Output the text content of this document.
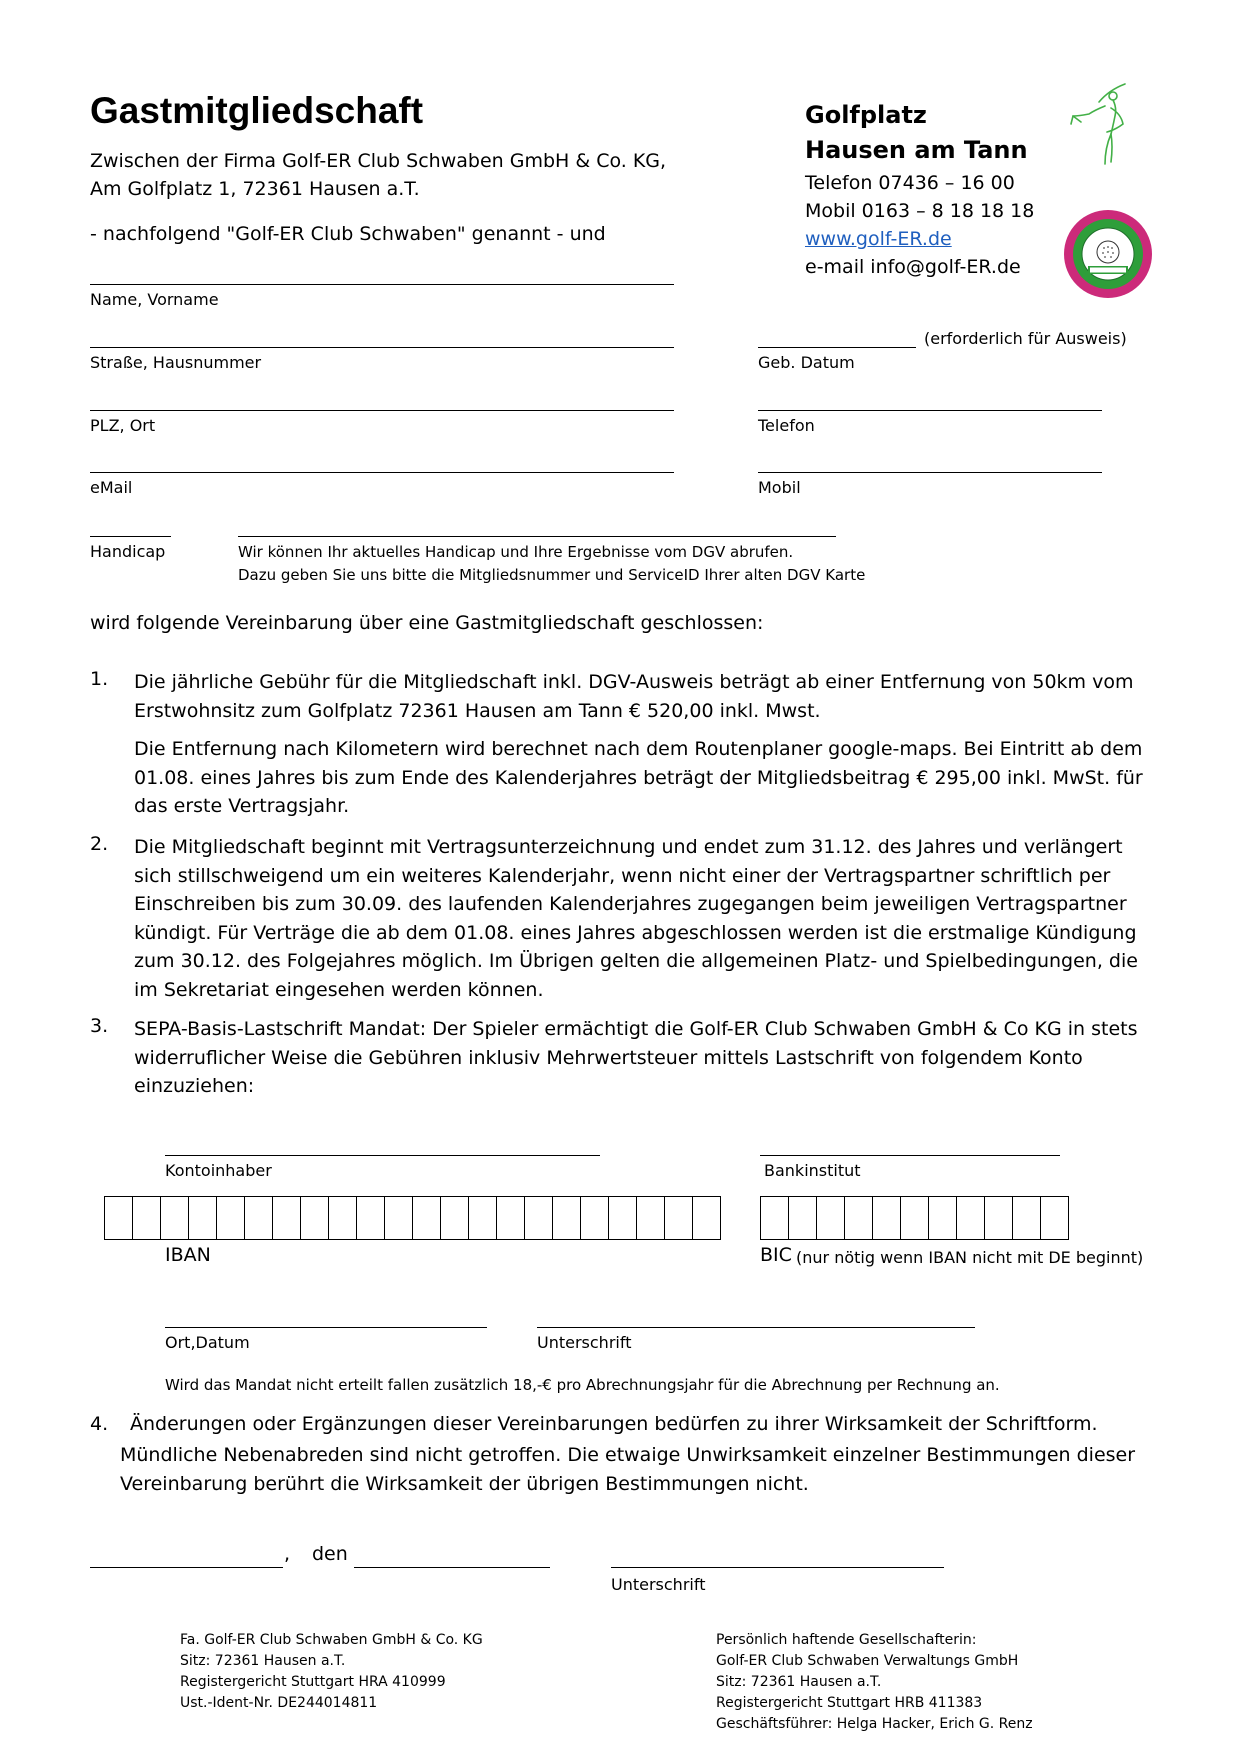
Gastmitgliedschaft
Zwischen der Firma Golf-ER Club Schwaben GmbH & Co. KG,
Am Golfplatz 1, 72361 Hausen a.T.
- nachfolgend "Golf-ER Club Schwaben" genannt - und
Golfplatz
Hausen am Tann
Telefon 07436 – 16 00
Mobil 0163 – 8 18 18 18
www.golf-ER.de
e-mail info@golf-ER.de
Name, Vorname
Straße, Hausnummer
PLZ, Ort
eMail
(erforderlich für Ausweis)
Geb. Datum
Telefon
Mobil
Handicap	Wir können Ihr aktuelles Handicap und Ihre Ergebnisse vom DGV abrufen.
Dazu geben Sie uns bitte die Mitgliedsnummer und ServiceID Ihrer alten DGV Karte
wird folgende Vereinbarung über eine Gastmitgliedschaft geschlossen:
1. Die jährliche Gebühr für die Mitgliedschaft inkl. DGV-Ausweis beträgt ab einer Entfernung von 50km vom Erstwohnsitz zum Golfplatz 72361 Hausen am Tann € 520,00 inkl. Mwst.
Die Entfernung nach Kilometern wird berechnet nach dem Routenplaner google-maps. Bei Eintritt ab dem 01.08. eines Jahres bis zum Ende des Kalenderjahres beträgt der Mitgliedsbeitrag € 295,00 inkl. MwSt. für das erste Vertragsjahr.
2. Die Mitgliedschaft beginnt mit Vertragsunterzeichnung und endet zum 31.12. des Jahres und verlängert sich stillschweigend um ein weiteres Kalenderjahr, wenn nicht einer der Vertragspartner schriftlich per Einschreiben bis zum 30.09. des laufenden Kalenderjahres zugegangen beim jeweiligen Vertragspartner kündigt. Für Verträge die ab dem 01.08. eines Jahres abgeschlossen werden ist die erstmalige Kündigung zum 30.12. des Folgejahres möglich. Im Übrigen gelten die allgemeinen Platz- und Spielbedingungen, die im Sekretariat eingesehen werden können.
3. SEPA-Basis-Lastschrift Mandat: Der Spieler ermächtigt die Golf-ER Club Schwaben GmbH & Co KG in stets widerruflicher Weise die Gebühren inklusiv Mehrwertsteuer mittels Lastschrift von folgendem Konto einzuziehen:
Kontoinhaber	Bankinstitut
IBAN	BIC (nur nötig wenn IBAN nicht mit DE beginnt)
Ort,Datum	Unterschrift
Wird das Mandat nicht erteilt fallen zusätzlich 18,-€ pro Abrechnungsjahr für die Abrechnung per Rechnung an.
4. Änderungen oder Ergänzungen dieser Vereinbarungen bedürfen zu ihrer Wirksamkeit der Schriftform.
Mündliche Nebenabreden sind nicht getroffen. Die etwaige Unwirksamkeit einzelner Bestimmungen dieser Vereinbarung berührt die Wirksamkeit der übrigen Bestimmungen nicht.
, den
Unterschrift
Fa. Golf-ER Club Schwaben GmbH & Co. KG
Sitz: 72361 Hausen a.T.
Registergericht Stuttgart HRA 410999
Ust.-Ident-Nr. DE244014811
Persönlich haftende Gesellschafterin:
Golf-ER Club Schwaben Verwaltungs GmbH
Sitz: 72361 Hausen a.T.
Registergericht Stuttgart HRB 411383
Geschäftsführer: Helga Hacker, Erich G. Renz
